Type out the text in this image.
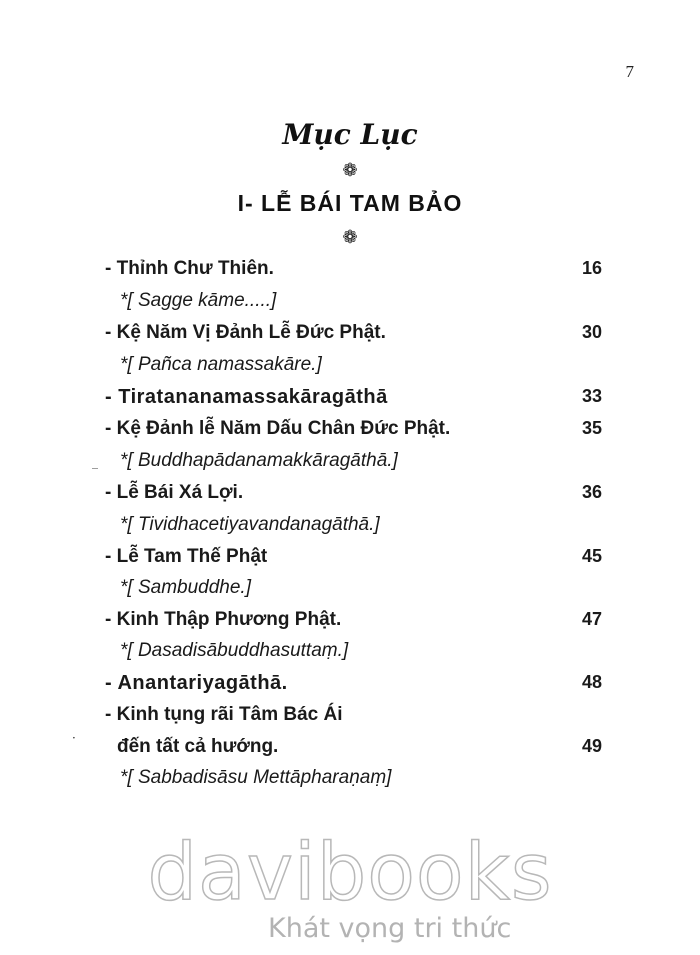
7
Mục Lục
❁
I- LỄ BÁI TAM BẢO
❁
- Thỉnh Chư Thiên.	16
*[ Sagge kāme.....]
- Kệ Năm Vị Đảnh Lễ Đức Phật.	30
*[ Pañca namassakāre.]
- Tiratananamassakāragāthā	33
- Kệ Đảnh lễ Năm Dấu Chân Đức Phật.	35
*[ Buddhapādanamakkāragāthā.]
- Lễ Bái Xá Lợi.	36
*[ Tividhacetiyavandanagāthā.]
- Lễ Tam Thế Phật	45
*[ Sambuddhe.]
- Kinh Thập Phương Phật.	47
*[ Dasadisābuddhasuttaṃ.]
- Anantariyagāthā.	48
- Kinh tụng rãi Tâm Bác Ái
đến tất cả hướng.	49
*[ Sabbadisāsu Mettāpharaṇaṃ]
‾
·
davibooks
Khát vọng tri thức
